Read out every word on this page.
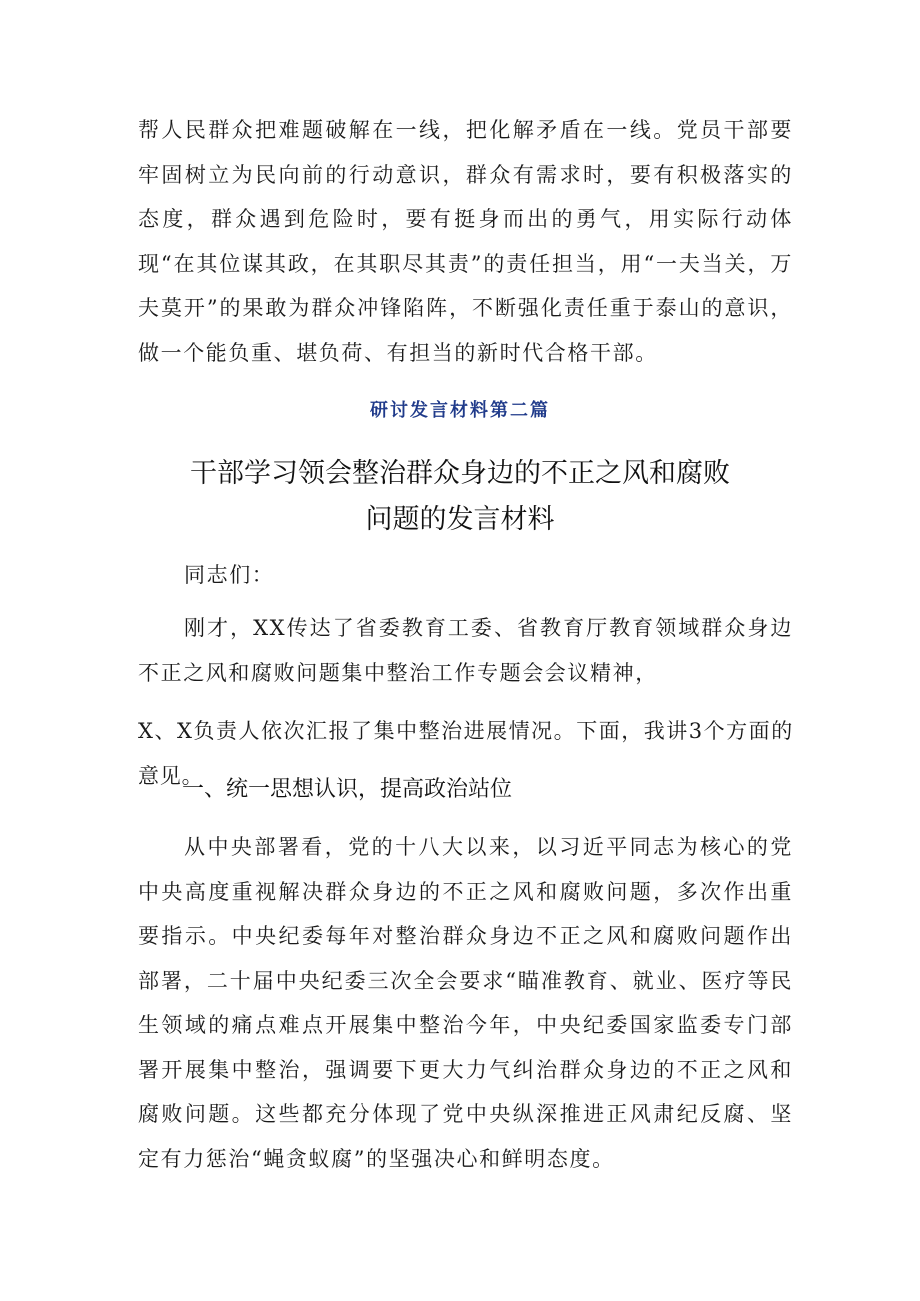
帮人民群众把难题破解在一线，把化解矛盾在一线。党员干部要牢固树立为民向前的行动意识，群众有需求时，要有积极落实的态度，群众遇到危险时，要有挺身而出的勇气，用实际行动体现“在其位谋其政，在其职尽其责”的责任担当，用“一夫当关，万夫莫开”的果敢为群众冲锋陷阵，不断强化责任重于泰山的意识，做一个能负重、堪负荷、有担当的新时代合格干部。

研讨发言材料第二篇

干部学习领会整治群众身边的不正之风和腐败

问题的发言材料

同志们：

刚才，XX传达了省委教育工委、省教育厅教育领域群众身边不正之风和腐败问题集中整治工作专题会会议精神，

X、X负责人依次汇报了集中整治进展情况。下面，我讲3个方面的意见。

一、统一思想认识，提高政治站位

从中央部署看，党的十八大以来，以习近平同志为核心的党中央高度重视解决群众身边的不正之风和腐败问题，多次作出重要指示。中央纪委每年对整治群众身边不正之风和腐败问题作出部署，二十届中央纪委三次全会要求“瞄准教育、就业、医疗等民生领域的痛点难点开展集中整治今年，中央纪委国家监委专门部署开展集中整治，强调要下更大力气纠治群众身边的不正之风和腐败问题。这些都充分体现了党中央纵深推进正风肃纪反腐、坚定有力惩治“蝇贪蚁腐”的坚强决心和鲜明态度。
